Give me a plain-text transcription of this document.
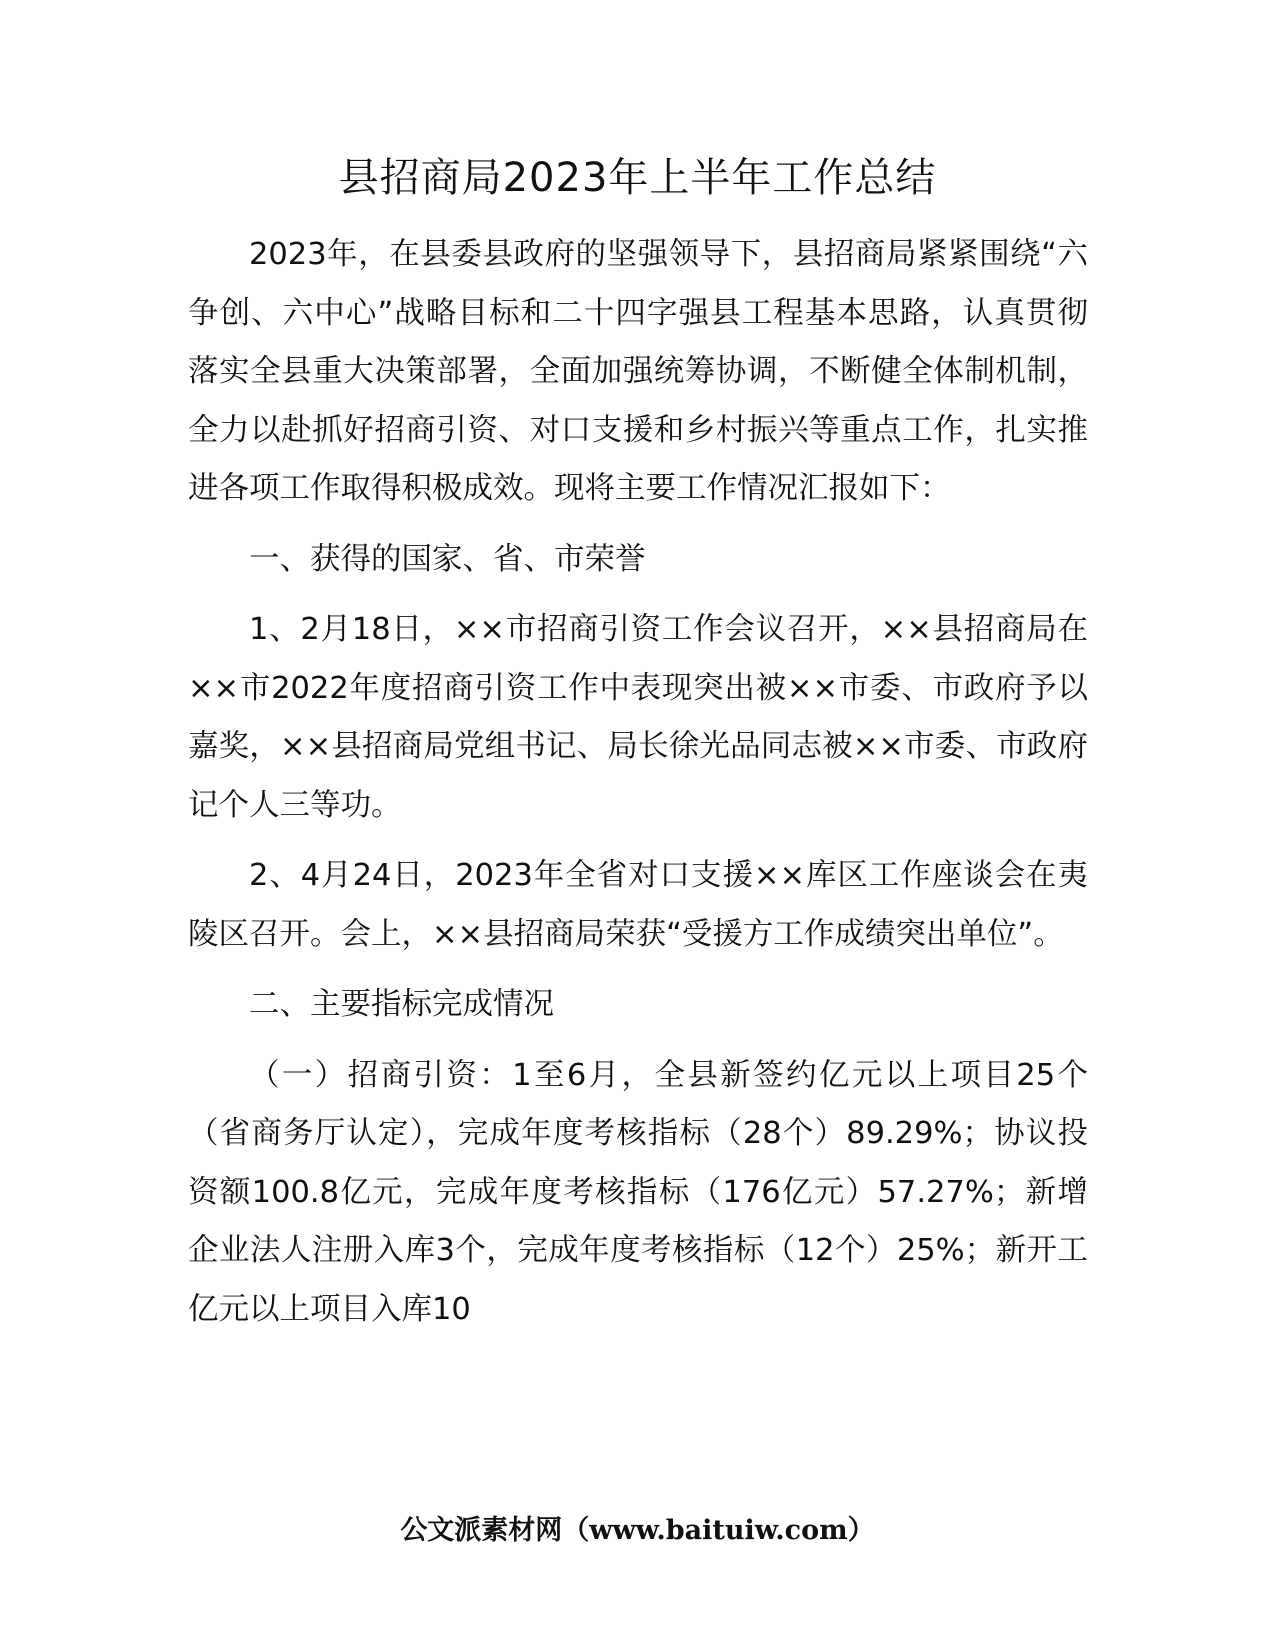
县招商局2023年上半年工作总结

2023年，在县委县政府的坚强领导下，县招商局紧紧围绕“六争创、六中心”战略目标和二十四字强县工程基本思路，认真贯彻落实全县重大决策部署，全面加强统筹协调，不断健全体制机制，全力以赴抓好招商引资、对口支援和乡村振兴等重点工作，扎实推进各项工作取得积极成效。现将主要工作情况汇报如下：

一、获得的国家、省、市荣誉

1、2月18日，××市招商引资工作会议召开，××县招商局在××市2022年度招商引资工作中表现突出被××市委、市政府予以嘉奖，××县招商局党组书记、局长徐光品同志被××市委、市政府记个人三等功。

2、4月24日，2023年全省对口支援××库区工作座谈会在夷陵区召开。会上，××县招商局荣获“受援方工作成绩突出单位”。

二、主要指标完成情况

（一）招商引资：1至6月，全县新签约亿元以上项目25个（省商务厅认定），完成年度考核指标（28个）89.29%；协议投资额100.8亿元，完成年度考核指标（176亿元）57.27%；新增企业法人注册入库3个，完成年度考核指标（12个）25%；新开工亿元以上项目入库10

公文派素材网（www.baituiw.com）
